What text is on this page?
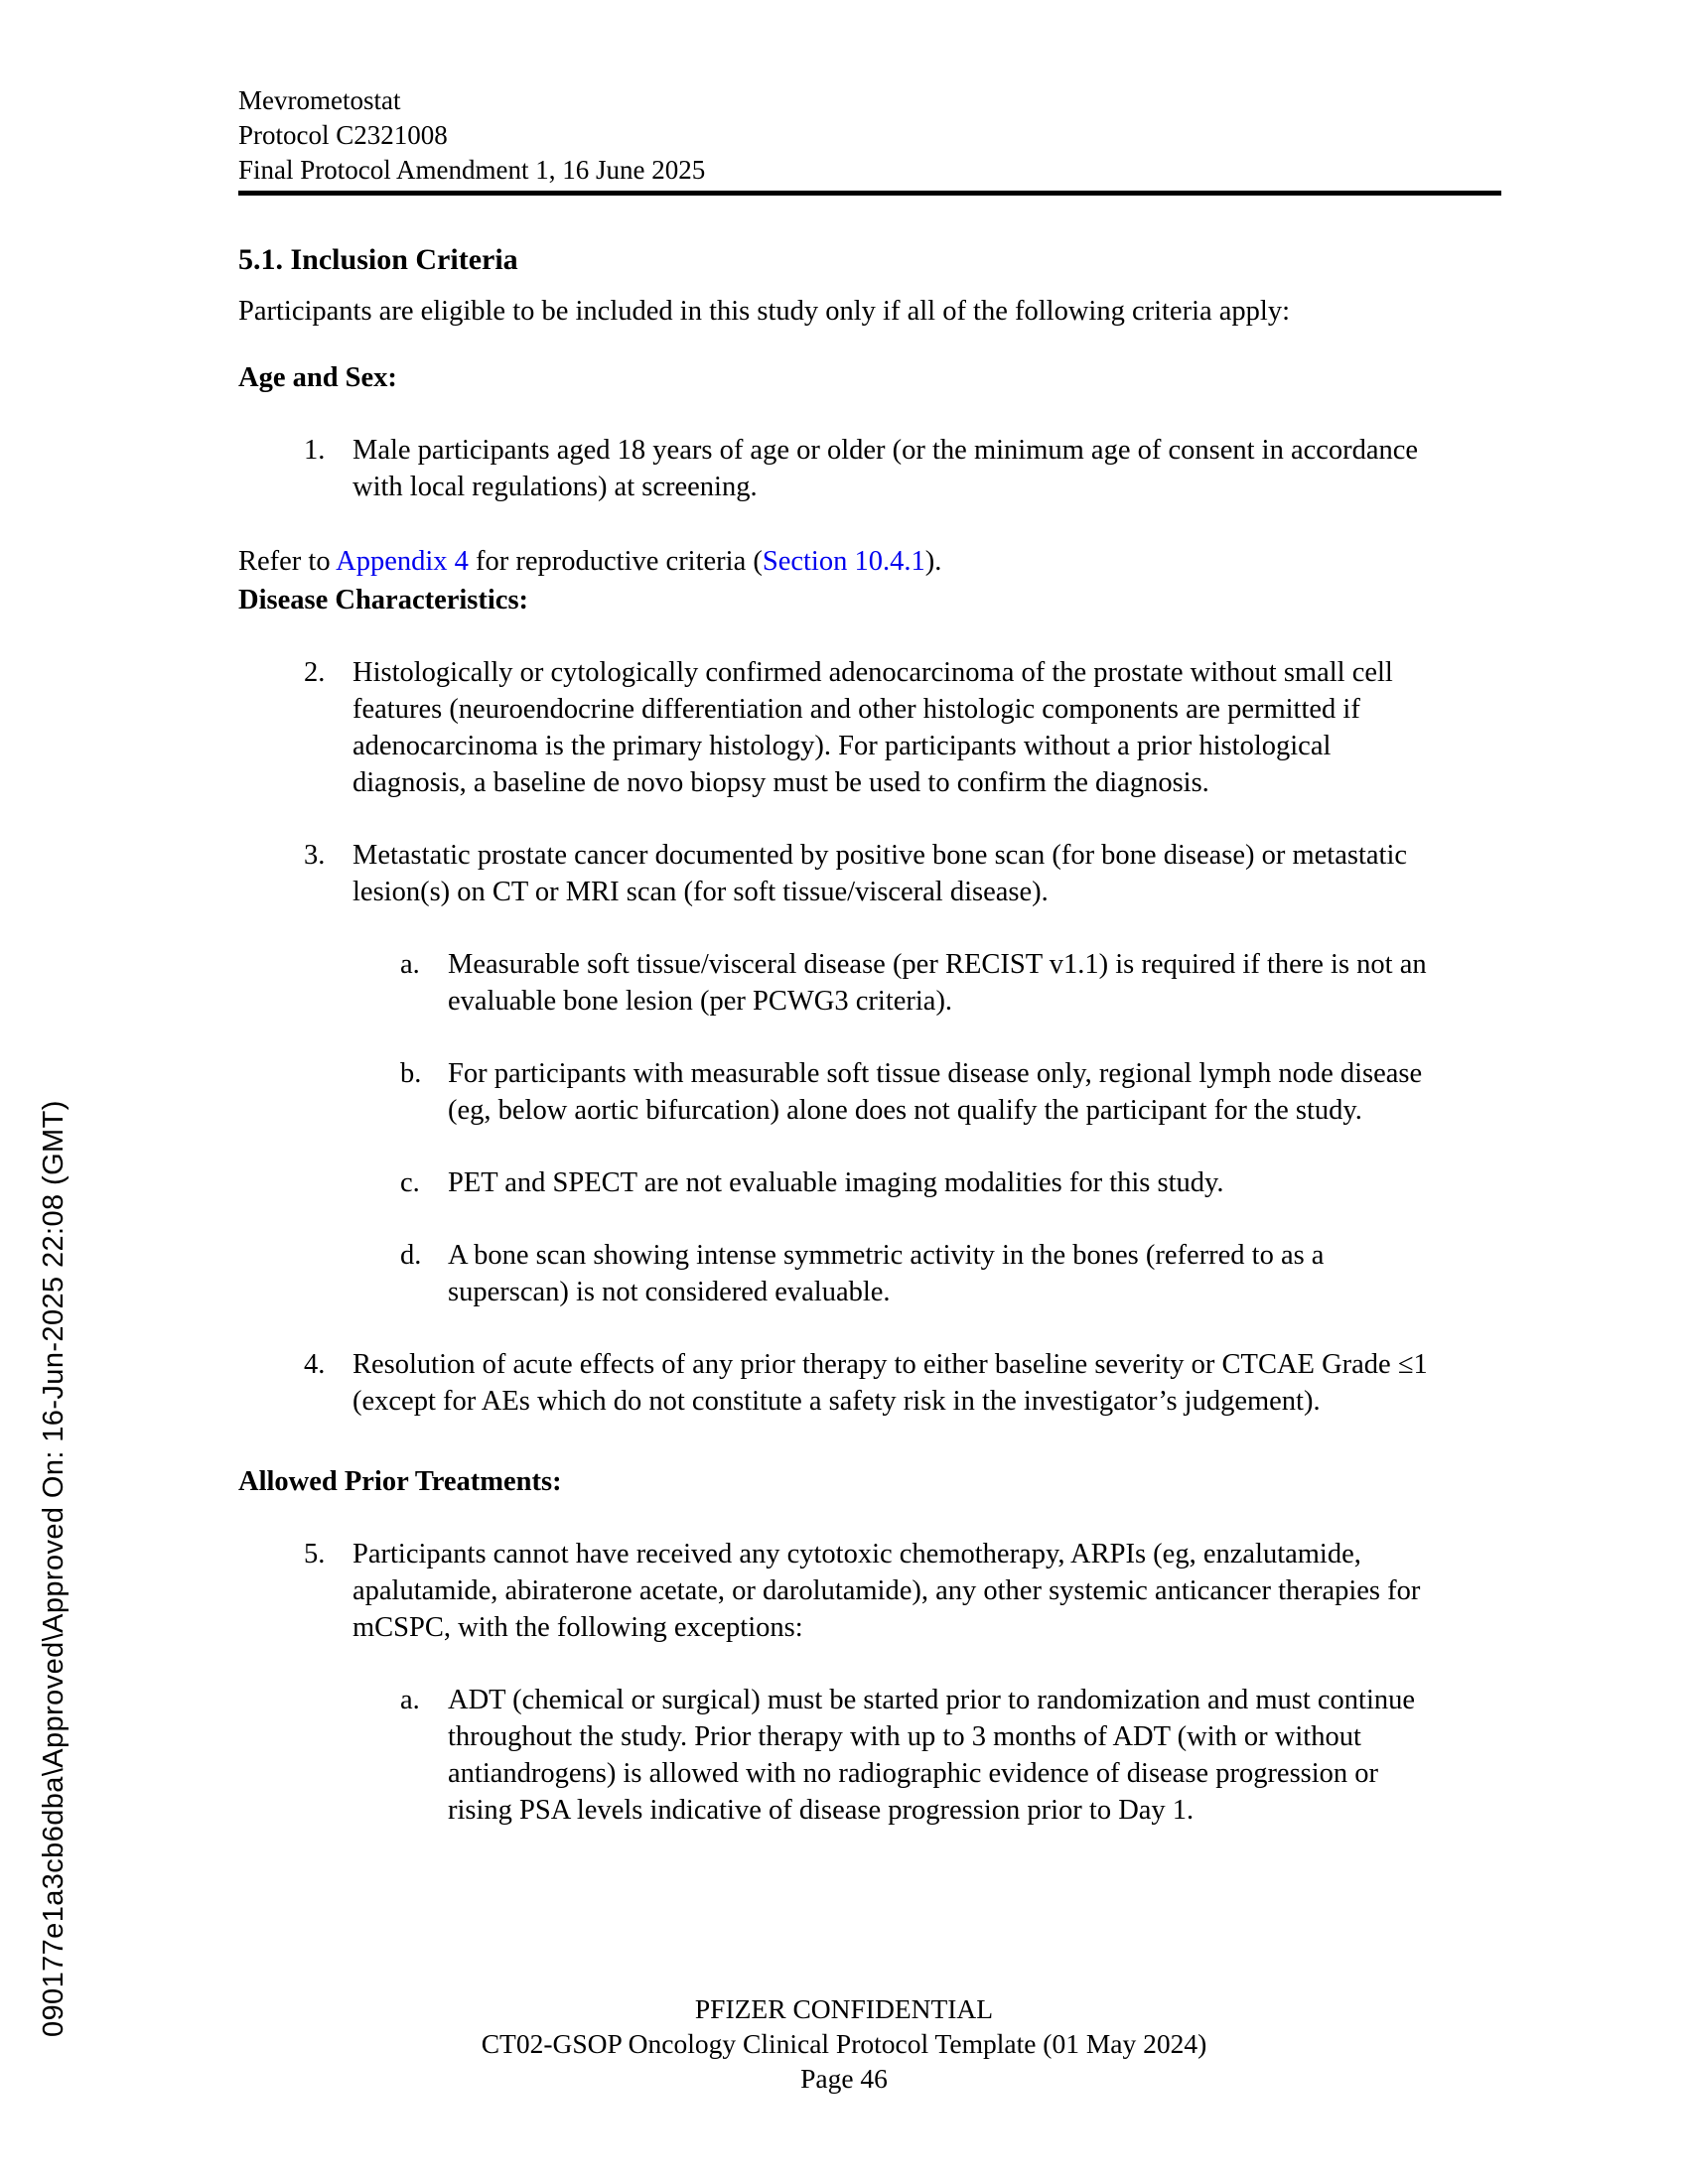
090177e1a3cb6dba\Approved\Approved On: 16-Jun-2025 22:08 (GMT)
Mevrometostat
Protocol C2321008
Final Protocol Amendment 1, 16 June 2025
5.1. Inclusion Criteria

Participants are eligible to be included in this study only if all of the following criteria apply:

Age and Sex:
1. Male participants aged 18 years of age or older (or the minimum age of consent in accordance with local regulations) at screening.

Refer to Appendix 4 for reproductive criteria (Section 10.4.1).

Disease Characteristics:
2. Histologically or cytologically confirmed adenocarcinoma of the prostate without small cell features (neuroendocrine differentiation and other histologic components are permitted if adenocarcinoma is the primary histology). For participants without a prior histological diagnosis, a baseline de novo biopsy must be used to confirm the diagnosis.
3. Metastatic prostate cancer documented by positive bone scan (for bone disease) or metastatic lesion(s) on CT or MRI scan (for soft tissue/visceral disease).
a. Measurable soft tissue/visceral disease (per RECIST v1.1) is required if there is not an evaluable bone lesion (per PCWG3 criteria).
b. For participants with measurable soft tissue disease only, regional lymph node disease (eg, below aortic bifurcation) alone does not qualify the participant for the study.
c. PET and SPECT are not evaluable imaging modalities for this study.
d. A bone scan showing intense symmetric activity in the bones (referred to as a superscan) is not considered evaluable.
4. Resolution of acute effects of any prior therapy to either baseline severity or CTCAE Grade ≤1 (except for AEs which do not constitute a safety risk in the investigator’s judgement).
Allowed Prior Treatments:
5. Participants cannot have received any cytotoxic chemotherapy, ARPIs (eg, enzalutamide, apalutamide, abiraterone acetate, or darolutamide), any other systemic anticancer therapies for mCSPC, with the following exceptions:
a. ADT (chemical or surgical) must be started prior to randomization and must continue throughout the study. Prior therapy with up to 3 months of ADT (with or without antiandrogens) is allowed with no radiographic evidence of disease progression or rising PSA levels indicative of disease progression prior to Day 1.
PFIZER CONFIDENTIAL
CT02-GSOP Oncology Clinical Protocol Template (01 May 2024)
Page 46
